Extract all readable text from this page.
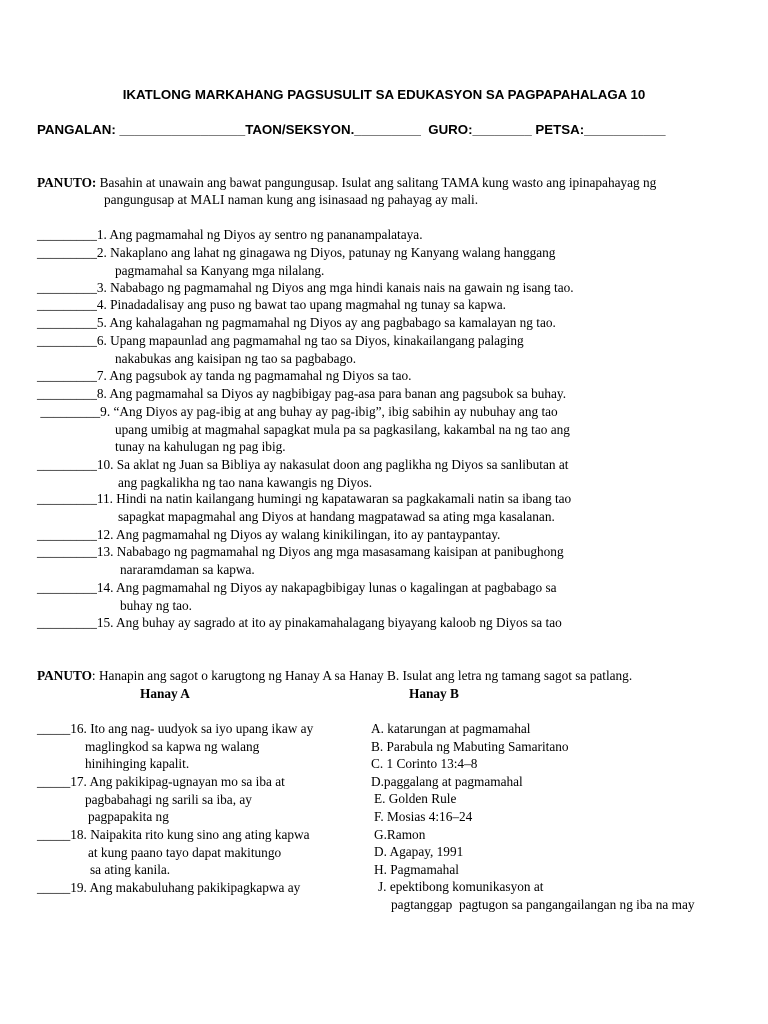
IKATLONG MARKAHANG PAGSUSULIT SA EDUKASYON SA PAGPAPAHALAGA 10
PANGALAN: _________________TAON/SEKSYON._________  GURO:________ PETSA:___________
PANUTO: Basahin at unawain ang bawat pangungusap. Isulat ang salitang TAMA kung wasto ang ipinapahayag ng
pangungusap at MALI naman kung ang isinasaad ng pahayag ay mali.
_________1. Ang pagmamahal ng Diyos ay sentro ng pananampalataya.
_________2. Nakaplano ang lahat ng ginagawa ng Diyos, patunay ng Kanyang walang hanggang
pagmamahal sa Kanyang mga nilalang.
_________3. Nababago ng pagmamahal ng Diyos ang mga hindi kanais nais na gawain ng isang tao.
_________4. Pinadadalisay ang puso ng bawat tao upang magmahal ng tunay sa kapwa.
_________5. Ang kahalagahan ng pagmamahal ng Diyos ay ang pagbabago sa kamalayan ng tao.
_________6. Upang mapaunlad ang pagmamahal ng tao sa Diyos, kinakailangang palaging
nakabukas ang kaisipan ng tao sa pagbabago.
_________7. Ang pagsubok ay tanda ng pagmamahal ng Diyos sa tao.
_________8. Ang pagmamahal sa Diyos ay nagbibigay pag-asa para banan ang pagsubok sa buhay.
_________9. “Ang Diyos ay pag-ibig at ang buhay ay pag-ibig”, ibig sabihin ay nubuhay ang tao
upang umibig at magmahal sapagkat mula pa sa pagkasilang, kakambal na ng tao ang
tunay na kahulugan ng pag ibig.
_________10. Sa aklat ng Juan sa Bibliya ay nakasulat doon ang paglikha ng Diyos sa sanlibutan at
ang pagkalikha ng tao nana kawangis ng Diyos.
_________11. Hindi na natin kailangang humingi ng kapatawaran sa pagkakamali natin sa ibang tao
sapagkat mapagmahal ang Diyos at handang magpatawad sa ating mga kasalanan.
_________12. Ang pagmamahal ng Diyos ay walang kinikilingan, ito ay pantaypantay.
_________13. Nababago ng pagmamahal ng Diyos ang mga masasamang kaisipan at panibughong
nararamdaman sa kapwa.
_________14. Ang pagmamahal ng Diyos ay nakapagbibigay lunas o kagalingan at pagbabago sa
buhay ng tao.
_________15. Ang buhay ay sagrado at ito ay pinakamahalagang biyayang kaloob ng Diyos sa tao
PANUTO: Hanapin ang sagot o karugtong ng Hanay A sa Hanay B. Isulat ang letra ng tamang sagot sa patlang.
Hanay A	Hanay B
_____16. Ito ang nag- uudyok sa iyo upang ikaw ay
maglingkod sa kapwa ng walang
hinihinging kapalit.
_____17. Ang pakikipag-ugnayan mo sa iba at
pagbabahagi ng sarili sa iba, ay
pagpapakita ng
_____18. Naipakita rito kung sino ang ating kapwa
at kung paano tayo dapat makitungo
sa ating kanila.
_____19. Ang makabuluhang pakikipagkapwa ay
A. katarungan at pagmamahal
B. Parabula ng Mabuting Samaritano
C. 1 Corinto 13:4–8
D.paggalang at pagmamahal
E. Golden Rule
F. Mosias 4:16–24
G.Ramon
D. Agapay, 1991
H. Pagmamahal
J. epektibong komunikasyon at
pagtanggap  pagtugon sa pangangailangan ng iba na may
